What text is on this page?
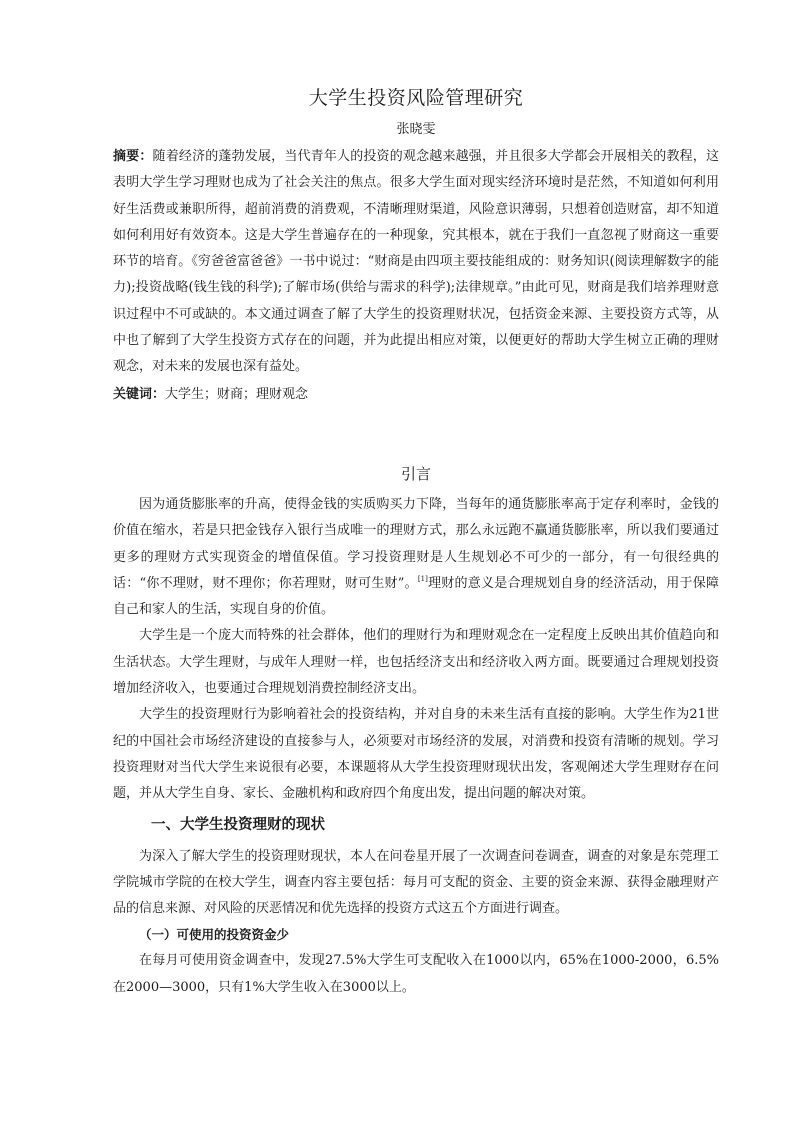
大学生投资风险管理研究
张晓雯

摘要：随着经济的蓬勃发展，当代青年人的投资的观念越来越强，并且很多大学都会开展相关的教程，这表明大学生学习理财也成为了社会关注的焦点。很多大学生面对现实经济环境时是茫然，不知道如何利用好生活费或兼职所得，超前消费的消费观，不清晰理财渠道，风险意识薄弱，只想着创造财富，却不知道如何利用好有效资本。这是大学生普遍存在的一种现象，究其根本，就在于我们一直忽视了财商这一重要环节的培育。《穷爸爸富爸爸》一书中说过：“财商是由四项主要技能组成的：财务知识(阅读理解数字的能力);投资战略(钱生钱的科学);了解市场(供给与需求的科学);法律规章。”由此可见，财商是我们培养理财意识过程中不可或缺的。本文通过调查了解了大学生的投资理财状况，包括资金来源、主要投资方式等，从中也了解到了大学生投资方式存在的问题，并为此提出相应对策，以便更好的帮助大学生树立正确的理财观念，对未来的发展也深有益处。

关键词：大学生；财商；理财观念

引言

因为通货膨胀率的升高，使得金钱的实质购买力下降，当每年的通货膨胀率高于定存利率时，金钱的价值在缩水，若是只把金钱存入银行当成唯一的理财方式，那么永远跑不赢通货膨胀率，所以我们要通过更多的理财方式实现资金的增值保值。学习投资理财是人生规划必不可少的一部分，有一句很经典的话：“你不理财，财不理你；你若理财，财可生财”。[1]理财的意义是合理规划自身的经济活动，用于保障自己和家人的生活，实现自身的价值。

大学生是一个庞大而特殊的社会群体，他们的理财行为和理财观念在一定程度上反映出其价值趋向和生活状态。大学生理财，与成年人理财一样，也包括经济支出和经济收入两方面。既要通过合理规划投资增加经济收入，也要通过合理规划消费控制经济支出。

大学生的投资理财行为影响着社会的投资结构，并对自身的未来生活有直接的影响。大学生作为21世纪的中国社会市场经济建设的直接参与人，必须要对市场经济的发展，对消费和投资有清晰的规划。学习投资理财对当代大学生来说很有必要，本课题将从大学生投资理财现状出发，客观阐述大学生理财存在问题，并从大学生自身、家长、金融机构和政府四个角度出发，提出问题的解决对策。

一、大学生投资理财的现状

为深入了解大学生的投资理财现状，本人在问卷星开展了一次调查问卷调查，调查的对象是东莞理工学院城市学院的在校大学生，调查内容主要包括：每月可支配的资金、主要的资金来源、获得金融理财产品的信息来源、对风险的厌恶情况和优先选择的投资方式这五个方面进行调查。

（一）可使用的投资资金少

在每月可使用资金调查中，发现27.5%大学生可支配收入在1000以内，65%在1000-2000，6.5%在2000—3000，只有1%大学生收入在3000以上。
